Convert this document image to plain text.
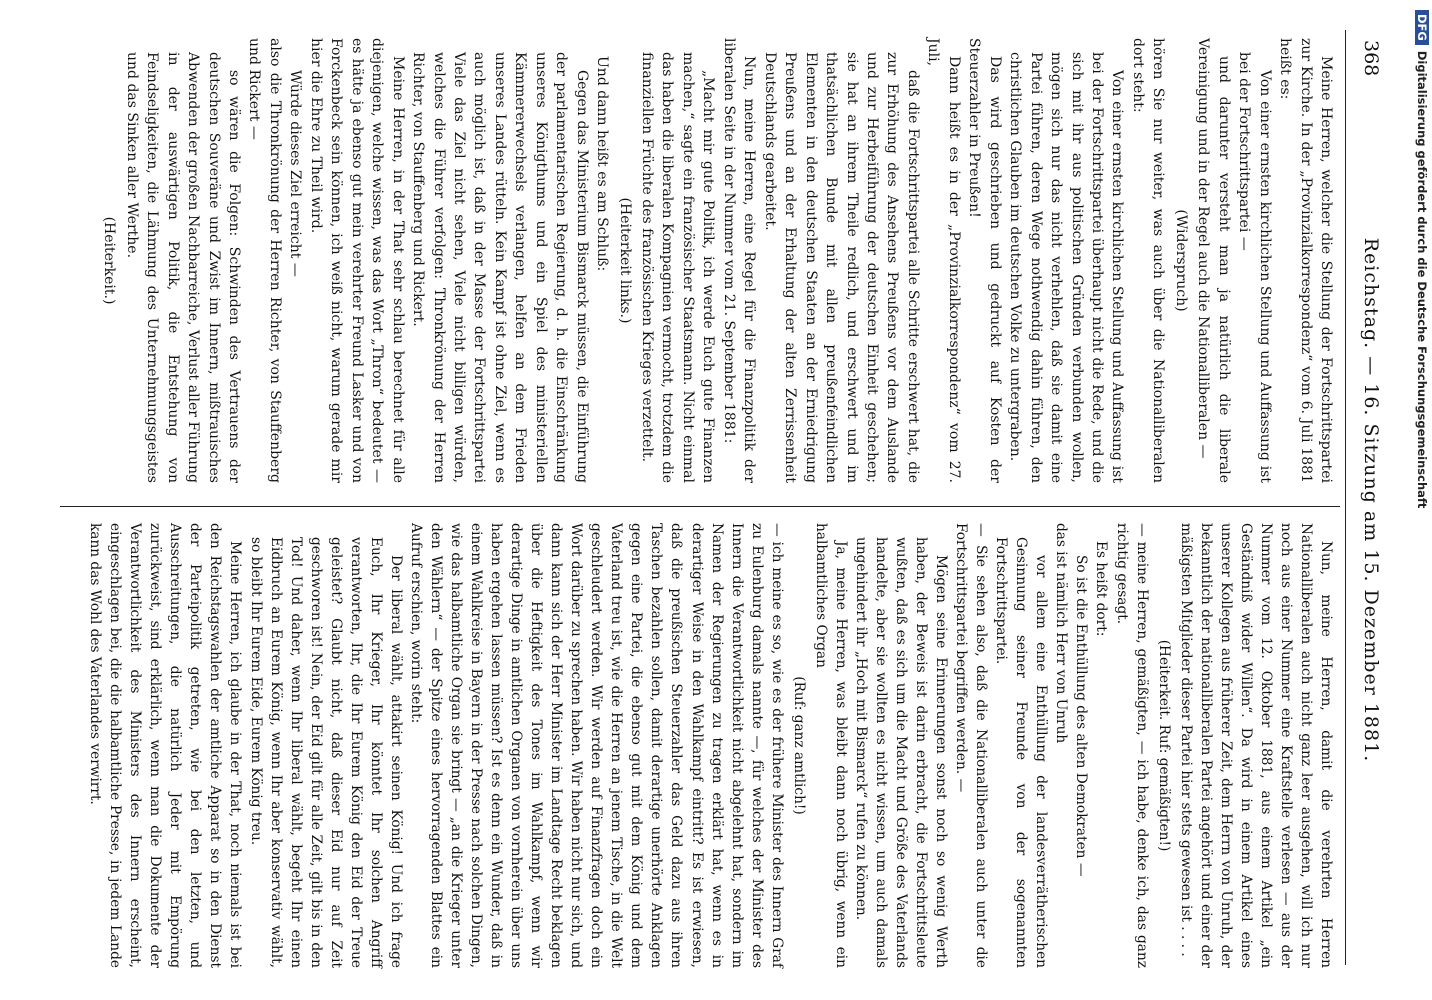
368
Reichstag. — 16. Sitzung am 15. Dezember 1881.

Meine Herren, welcher die Stellung der Fortschrittspartei zur Kirche. In der „Provinzialkorrespondenz“ vom 6. Juli 1881 heißt es:

Von einer ernsten kirchlichen Stellung und Auffassung ist bei der Fortschrittspartei —

und darunter versteht man ja natürlich die liberale Vereinigung und in der Regel auch die Nationalliberalen —

(Widerspruch)

hören Sie nur weiter, was auch über die Nationalliberalen dort steht:

Von einer ernsten kirchlichen Stellung und Auffassung ist bei der Fortschrittspartei überhaupt nicht die Rede, und die sich mit ihr aus politischen Gründen verbunden wollen, mögen sich nur das nicht verhehlen, daß sie damit eine Partei führen, deren Wege nothwendig dahin führen, den christlichen Glauben im deutschen Volke zu untergraben.

Das wird geschrieben und gedruckt auf Kosten der Steuerzahler in Preußen!

Dann heißt es in der „Provinzialkorrespondenz“ vom 27. Juli,

daß die Fortschrittspartei alle Schritte erschwert hat, die zur Erhöhung des Ansehens Preußens vor dem Auslande und zur Herbeiführung der deutschen Einheit geschehen; sie hat an ihrem Theile redlich, und erschwert und im thatsächlichen Bunde mit allen preußenfeindlichen Elementen in den deutschen Staaten an der Erniedrigung Preußens und an der Erhaltung der alten Zerrissenheit Deutschlands gearbeitet.

Nun, meine Herren, eine Regel für die Finanzpolitik der liberalen Seite in der Nummer vom 21. September 1881:

„Macht mir gute Politik, ich werde Euch gute Finanzen machen,“ sagte ein französischer Staatsmann. Nicht einmal das haben die liberalen Kompagnien vermocht, trotzdem die finanziellen Früchte des französischen Krieges verzettelt.

(Heiterkeit links.)

Und dann heißt es am Schluß:

Gegen das Ministerium Bismarck müssen, die Einführung der parlamentarischen Regierung, d. h. die Einschränkung unseres Königthums und ein Spiel des ministeriellen Kämmererwechsels verlangen, helfen an dem Frieden unseres Landes rütteln. Kein Kampf ist ohne Ziel, wenn es auch möglich ist, daß in der Masse der Fortschrittspartei Viele das Ziel nicht sehen, Viele nicht billigen würden, welches die Führer verfolgen: Thronkrönung der Herren Richter, von Stauffenberg und Rickert.

Meine Herren, in der That sehr schlau berechnet für alle diejenigen, welche wissen, was das Wort „Thron“ bedeutet — es hätte ja ebenso gut mein verehrter Freund Lasker und von Forckenbeck sein können, ich weiß nicht, warum gerade mir hier die Ehre zu Theil wird.

Würde dieses Ziel erreicht —

also die Thronkrönung der Herren Richter, von Stauffenberg und Rickert —

so wären die Folgen: Schwinden des Vertrauens der deutschen Souveräne und Zwist im Innern, mißtrauisches Abwenden der großen Nachbarreiche, Verlust aller Führung in der auswärtigen Politik, die Entstehung von Feindseligkeiten, die Lähmung des Unternehmungsgeistes und das Sinken aller Werthe.

(Heiterkeit.)

Nun, meine Herren, damit die verehrten Herren Nationalliberalen auch nicht ganz leer ausgehen, will ich nur noch aus einer Nummer eine Kraftstelle verlesen — aus der Nummer vom 12. Oktober 1881, aus einem Artikel „ein Geständniß wider Willen“. Da wird in einem Artikel eines unserer Kollegen aus früherer Zeit, dem Herrn von Unruh, der bekanntlich der nationalliberalen Partei angehört und einer der mäßigsten Mitglieder dieser Partei hier stets gewesen ist . . . .

(Heiterkeit. Ruf: gemäßigten!)

— meine Herren, gemäßigten, — ich habe, denke ich, das ganz richtig gesagt.

Es heißt dort:

So ist die Enthüllung des alten Demokraten —

das ist nämlich Herr von Unruh

vor allem eine Enthüllung der landesverrätherischen Gesinnung seiner Freunde von der sogenannten Fortschrittspartei.

— Sie sehen also, daß die Nationalliberalen auch unter die Fortschrittspartei begriffen werden. —

Mögen seine Erinnerungen sonst noch so wenig Werth haben, der Beweis ist darin erbracht, die Fortschrittsleute wußten, daß es sich um die Macht und Größe des Vaterlands handelte, aber sie wollten es nicht wissen, um auch damals ungehindert ihr „Hoch mit Bismarck“ rufen zu können.

Ja, meine Herren, was bleibt dann noch übrig, wenn ein halbamtliches Organ

(Ruf: ganz amtlich!)

— ich meine es so, wie es der frühere Minister des Innern Graf zu Eulenburg damals nannte —, für welches der Minister des Innern die Verantwortlichkeit nicht abgelehnt hat, sondern im Namen der Regierungen zu tragen erklärt hat, wenn es in derartiger Weise in den Wahlkampf eintritt? Es ist erwiesen, daß die preußischen Steuerzahler das Geld dazu aus ihren Taschen bezahlen sollen, damit derartige unerhörte Anklagen gegen eine Partei, die ebenso gut mit dem König und dem Vaterland treu ist, wie die Herren an jenem Tische, in die Welt geschleudert werden. Wir werden auf Finanzfragen doch ein Wort darüber zu sprechen haben. Wir haben nicht nur sich, und dann kann sich der Herr Minister im Landtage Recht beklagen über die Heftigkeit des Tones im Wahlkampf, wenn wir derartige Dinge in amtlichen Organen von vornherein über uns haben ergehen lassen müssen? Ist es denn ein Wunder, daß in einem Wahlkreise in Bayern in der Presse nach solchen Dingen, wie das halbamtliche Organ sie bringt — „an die Krieger unter den Wählern“ — der Spitze eines hervorragenden Blattes ein Aufruf erschien, worin steht:

Der liberal wählt, attakirt seinen König! Und ich frage Euch, Ihr Krieger, Ihr könntet Ihr solchen Angriff verantworten, Ihr, die Ihr Eurem König den Eid der Treue geleistet? Glaubt nicht, daß dieser Eid nur auf Zeit geschworen ist! Nein, der Eid gilt für alle Zeit, gilt bis in den Tod! Und daher, wenn Ihr liberal wählt, begeht Ihr einen Eidbruch an Eurem König, wenn Ihr aber konservativ wählt, so bleibt Ihr Eurem Eide, Eurem König treu.

Meine Herren, ich glaube in der That, noch niemals ist bei den Reichstagswahlen der amtliche Apparat so in den Dienst der Parteipolitik getreten, wie bei den letzten, und Ausschreitungen, die natürlich Jeder mit Empörung zurückweist, sind erklärlich, wenn man die Dokumente der Verantwortlichkeit des Ministers des Innern erscheint, eingeschlagen bei, die die halbamtliche Presse, in jedem Lande kann das Wohl des Vaterlandes verwirrt.

DFGDigitalisierung gefördert durch die Deutsche Forschungsgemeinschaft
